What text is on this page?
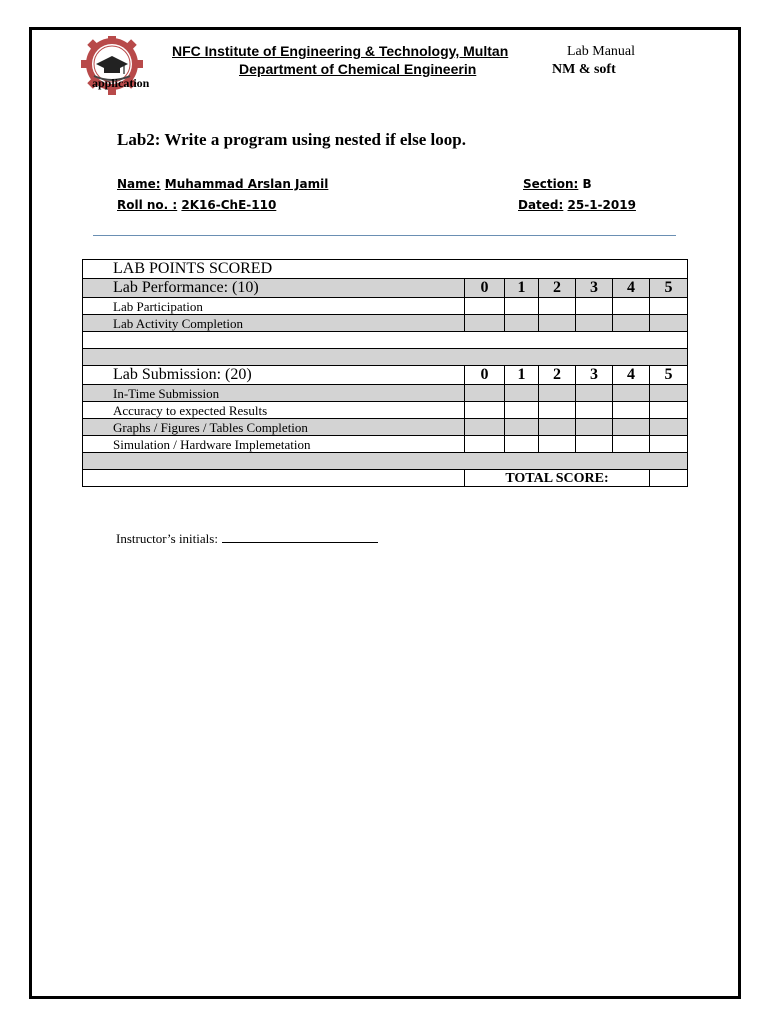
application
NFC Institute of Engineering & Technology, Multan
Department of Chemical Engineerin
Lab Manual
NM & soft
Lab2: Write a program using nested if else loop.
Name: Muhammad Arslan Jamil	Section: B
Roll no. : 2K16-ChE-110	Dated: 25-1-2019
LAB POINTS SCORED						
Lab Performance: (10)	0	1	2	3	4	5
Lab Participation						
Lab Activity Completion						

Lab Submission: (20)	0	1	2	3	4	5
In-Time Submission						
Accuracy to expected Results						
Graphs / Figures / Tables Completion						
Simulation / Hardware Implemetation						

	TOTAL SCORE:					
Instructor’s initials:
